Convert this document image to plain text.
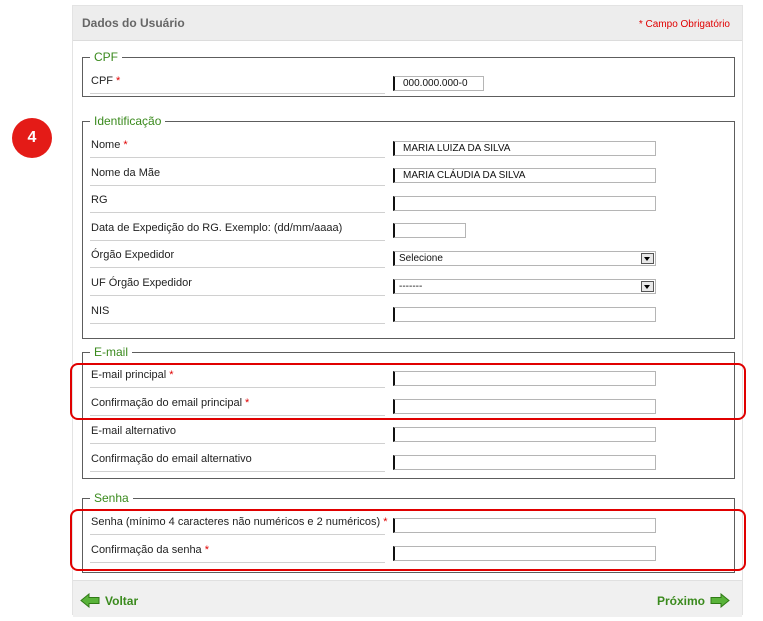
4
Dados do Usuário	* Campo Obrigatório
CPF
CPF *	000.000.000-0
Identificação
Nome *	MARIA LUIZA DA SILVA
Nome da Mãe	MARIA CLÁUDIA DA SILVA
RG
Data de Expedição do RG. Exemplo: (dd/mm/aaaa)
Órgão Expedidor	Selecione
UF Órgão Expedidor	-------
NIS
E-mail
E-mail principal *
Confirmação do email principal *
E-mail alternativo
Confirmação do email alternativo
Senha
Senha (mínimo 4 caracteres não numéricos e 2 numéricos) *
Confirmação da senha *
Voltar	Próximo
